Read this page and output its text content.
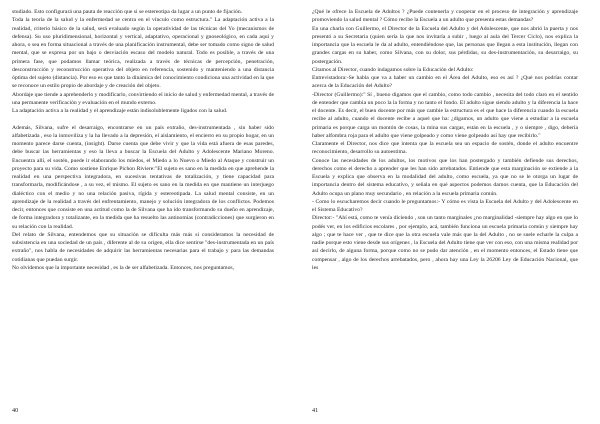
studiado. Esto configurará una pauta de reacción que si se estereotipa da lugar a un punto de fijación.

Toda la teoría de la salud y la enfermedad se centra en el vínculo como estructura." La adaptación activa a la realidad, criterio básico de la salud, será evaluado según la operatividad de las técnicas del Yo (mecanismos de defensa). Su uso pluridimensional, horizontal y vertical, adaptativo, operacional y gnoseológico, en cada aquí y ahora, o sea en forma situacional a través de una planificación instrumental, debe ser tomado como signo de salud mental, que se expresa por un bajo o desviación escaso del modelo natural. Todo es posible, a través de una primera fase, que podamos llamar teórica, realizada a través de técnicas de percepción, penetración, desconstrucción y reconstrucción operativa del objeto en referencia, sostenido y manteniendo a una distancia óptima del sujeto (distancia). Por eso es que tanto la dinámica del conocimiento condiciona una actividad en la que se reconoce un estilo propio de abordaje y de creación del objeto.

Abordaje que tiende a aprehenderlo y modificarlo, convirtiendo el inicio de salud y enfermedad mental, a través de una permanente verificación y evaluación en el mundo externo.

La adaptación activa a la realidad y el aprendizaje están indisolublemente ligados con la salud.

Además, Silvana, sufre el desarraigo, encontrarse en un país extraño, des-instrumentada , sin haber sido alfabetizada , eso la inmoviliza y la ha llevado a la depresión, el aislamiento, el encierro en su propio hogar, en un momento parece darse cuenta, (insight). Darse cuenta que debe vivir y que la vida está afuera de esas paredes, debe buscar las herramientas y eso la lleva a buscar la Escuela del Adulto y Adolescente Mariano Moreno. Encuentra allí, el sostén, puede ir elaborando los miedos, el Miedo a lo Nuevo o Miedo al Ataque y construir un proyecto para su vida. Como sostiene Enrique Pichon Riviere:"El sujeto es sano en la medida en que aprehende la realidad en una perspectiva integradora, en sucesivas tentativas de totalización, y tiene capacidad para transformarla, modificándose , a su vez, el mismo. El sujeto es sano en la medida en que mantiene un interjuego dialéctico con el medio y no una relación pasiva, rígida y estereotipada. La salud mental consiste, en un aprendizaje de la realidad a través del enfrentamiento, manejo y solución integradora de los conflictos. Podemos decir, entonces que consiste en una actitud como la de Silvana que ha ido transformando su dueño en aprendizaje, de forma integradora y totalizante, en la medida que ha resuelto las antinomias (contradicciones) que surgieron en su relación con la realidad.

Del relato de Silvana, entendemos que su situación se dificulta más más si consideramos la necesidad de subsistencia en una sociedad de un país , diferente al de su origen, ella dice sentirse "des-instrumentada en un país extraño", nos habla de necesidades de adquirir las herramientas necesarias para el trabajo y para las demandas cotidianas que puedan surgir.

No olvidemos que la importante necesidad , es la de ser alfabetizada. Entonces, nos preguntamos,

40

¿Qué le ofrece la Escuela de Adultos ? ¿Puede contenerla y cooperar en el proceso de integración y aprendizaje promoviendo la salud mental ? Cómo recibe la Escuela a un adulto que presenta estas demandas?

En una charla con Guillermo, el Director de la Escuela del Adulto y del Adolescente, que nos abrió la puerta y nos presentó a su Secretaria (quien sería la que nos invitaría a subir , luego al aula del Tercer Ciclo), nos explica la importancia que la escuela le da al adulto, entendiéndose que, las personas que llegan a esta institución, llegan con grandes cargas en su haber, como Silvana, con su dolor, sus pérdidas, su des-instrumentación, su desarraigo, su postergación.

Citamos al Director, cuando indagamos sobre la Educación del Adulto:

Entrevistadora:-Se habla que va a haber un cambio en el Área del Adulto, eso es así ? ¿Qué nos podrías contar acerca de la Educación del Adulto?

-Director (Guillermo):" Sí , bueno digamos que el cambio, como todo cambio , necesita del todo claro en el sentido de entender que cambia un poco la la forma y no tanto el fondo. El adulto sigue siendo adulto y la diferencia la hace el docente. Es decir, el buen docente por más que cambie la estructura es el que hace la diferencia cuando la escuela recibe al adulto, cuando el docente recibe a aquel que ha: ¿digamos, un adulto que viene a estudiar a la escuela primaria es porque carga un montón de cosas, la mina sus cargas, están en la escuela , y o siempre , digo, debería haber alfombra roja para el adulto que viene golpeado y como viene golpeado así hay que recibirlo."

Claramente el Director, nos dice que intenta que la escuela sea un espacio de sostén, donde el adulto encuentre reconocimiento, desarrollo su autoestima.

Conoce las necesidades de los adultos, los motivos que los han postergado y también defiende sus derechos, derechos como el derecho a aprender que les han sido arrebatados. Entiende que esta marginación se extiende a la Escuela y explica que observa en la modalidad del adulto, como escuela, ya que no se le otorga un lugar de importancia dentro del sistema educativo, y señala en qué aspectos podemos darnos cuenta, que la Educación del Adulto ocupa un plano muy secundario , en relación a la escuela primaria común.

- Como lo escucharemos decir cuando le preguntamos:- Y cómo es vista la Escuela del Adulto y del Adolescente en el Sistema Educativo?

Director:- "Ahí está, como te venía diciendo , son un tanto marginales ¿no marginalidad -siempre hay algo en que lo podés ver, en los edificios escolares , por ejemplo, acá, también funciona un escuela primaria común y siempre hay algo ; que te hace ver , que te dice que la otra escuela vale más que la del Adulto , no se suele echarle la culpa a nadie porque esto viene desde sus orígenes , la Escuela del Adulto tiene que ver con eso, con una misma realidad por así decirlo, de alguna forma, porque como no se pudo dar atención , en el momento entonces, el Estado tiene que compensar , algo de los derechos arrebatados, pero , ahora hay una Ley la 26206 Ley de Educación Nacional, que les

41
